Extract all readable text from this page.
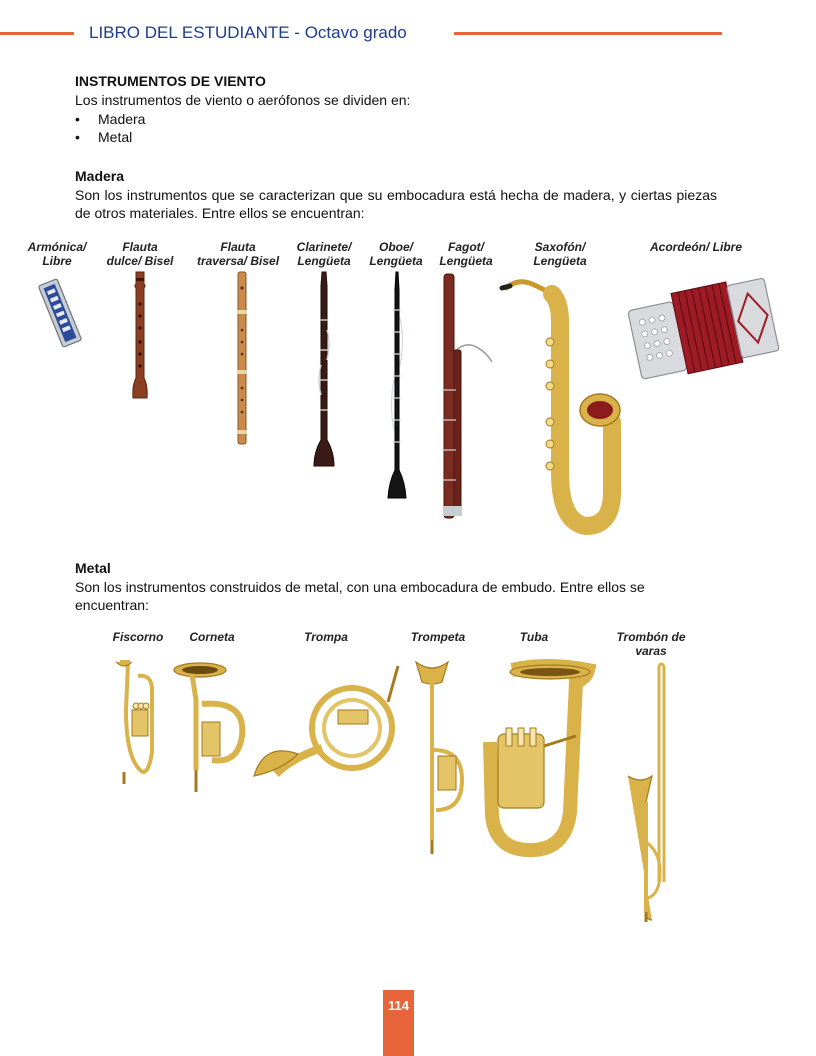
LIBRO DEL ESTUDIANTE - Octavo grado
INSTRUMENTOS DE VIENTO
Los instrumentos de viento o aerófonos se dividen en:
• Madera
• Metal
Madera
Son los instrumentos que se caracterizan que su embocadura está hecha de madera, y ciertas piezas de otros materiales. Entre ellos se encuentran:
Armónica/
Libre
Flauta
dulce/ Bisel
Flauta
traversa/ Bisel
Clarinete/
Lengüeta
Oboe/
Lengüeta
Fagot/
Lengüeta
Saxofón/
Lengüeta
Acordeón/ Libre
Metal
Son los instrumentos construidos de metal, con una embocadura de embudo. Entre ellos se encuentran:
Fiscorno	Corneta	Trompa	Trompeta	Tuba	Trombón de
varas
114
